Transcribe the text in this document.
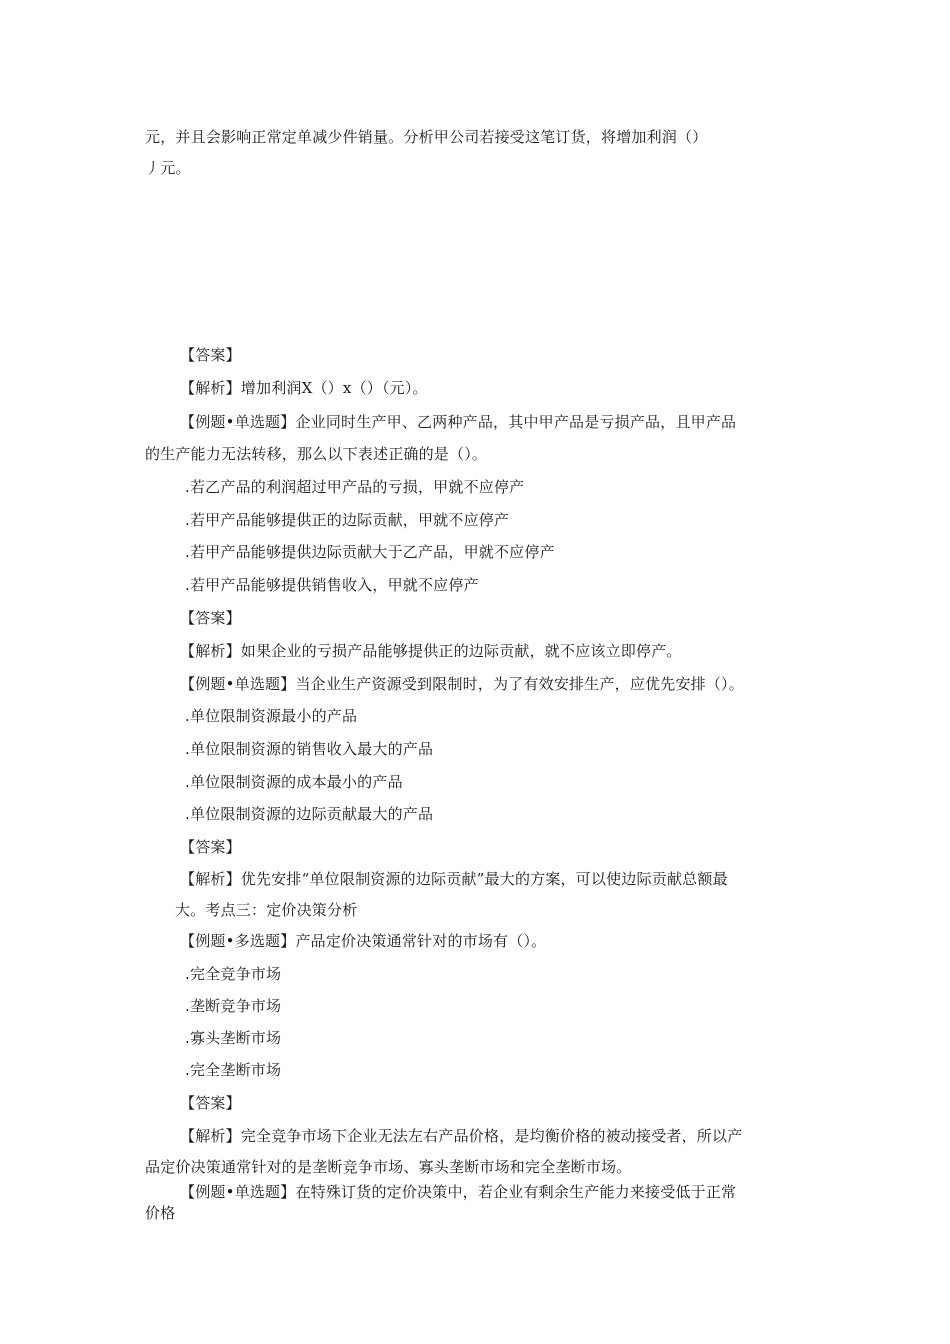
元，并且会影响正常定单减少件销量。分析甲公司若接受这笔订货，将增加利润（）
丿元。
【答案】
【解析】增加利润X（）x（）（元）。
【例题•单选题】企业同时生产甲、乙两种产品，其中甲产品是亏损产品，且甲产品
的生产能力无法转移，那么以下表述正确的是（）。
.若乙产品的利润超过甲产品的亏损，甲就不应停产
.若甲产品能够提供正的边际贡献，甲就不应停产
.若甲产品能够提供边际贡献大于乙产品，甲就不应停产
.若甲产品能够提供销售收入，甲就不应停产
【答案】
【解析】如果企业的亏损产品能够提供正的边际贡献，就不应该立即停产。
【例题•单选题】当企业生产资源受到限制时，为了有效安排生产，应优先安排（）。
.单位限制资源最小的产品
.单位限制资源的销售收入最大的产品
.单位限制资源的成本最小的产品
.单位限制资源的边际贡献最大的产品
【答案】
【解析】优先安排“单位限制资源的边际贡献”最大的方案，可以使边际贡献总额最
大。考点三：定价决策分析
【例题•多选题】产品定价决策通常针对的市场有（）。
.完全竞争市场
.垄断竞争市场
.寡头垄断市场
.完全垄断市场
【答案】
【解析】完全竞争市场下企业无法左右产品价格，是均衡价格的被动接受者，所以产
品定价决策通常针对的是垄断竞争市场、寡头垄断市场和完全垄断市场。
【例题•单选题】在特殊订货的定价决策中，若企业有剩余生产能力来接受低于正常
价格
